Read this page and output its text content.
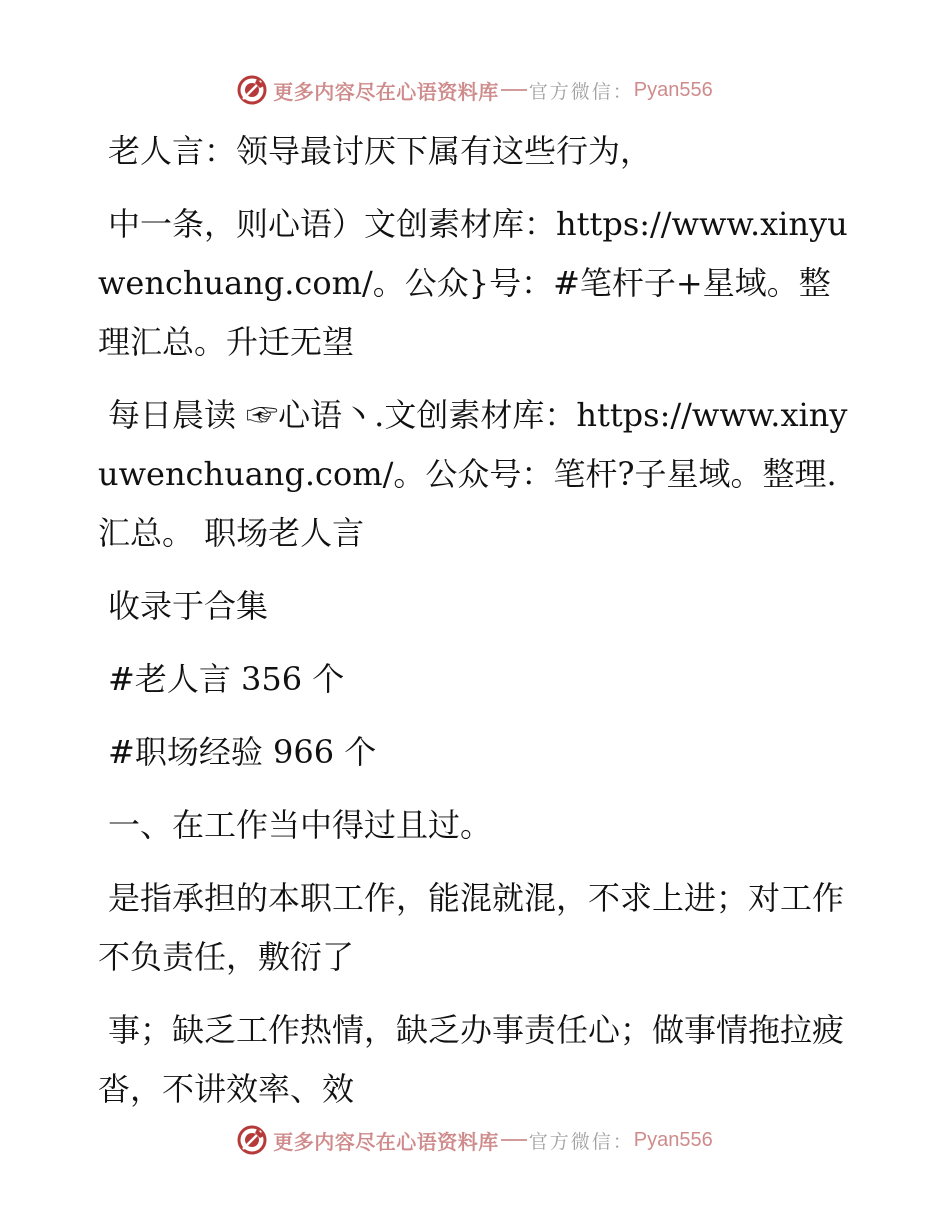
更多内容尽在心语资料库 官方微信： Pyan556

老人言：领导最讨厌下属有这些行为，

中一条，则心语）文创素材库：https://www.xinyuwenchuang.com/。公众}号：#笔杆子+星域。整理汇总。升迁无望

每日晨读 ☞心语丶.文创素材库：https://www.xinyuwenchuang.com/。公众号：笔杆?子星域。整理.汇总。 职场老人言

收录于合集

#老人言 356 个

#职场经验 966 个

一、在工作当中得过且过。

是指承担的本职工作，能混就混，不求上进；对工作不负责任，敷衍了

事；缺乏工作热情，缺乏办事责任心；做事情拖拉疲沓，不讲效率、效

更多内容尽在心语资料库 官方微信： Pyan556
